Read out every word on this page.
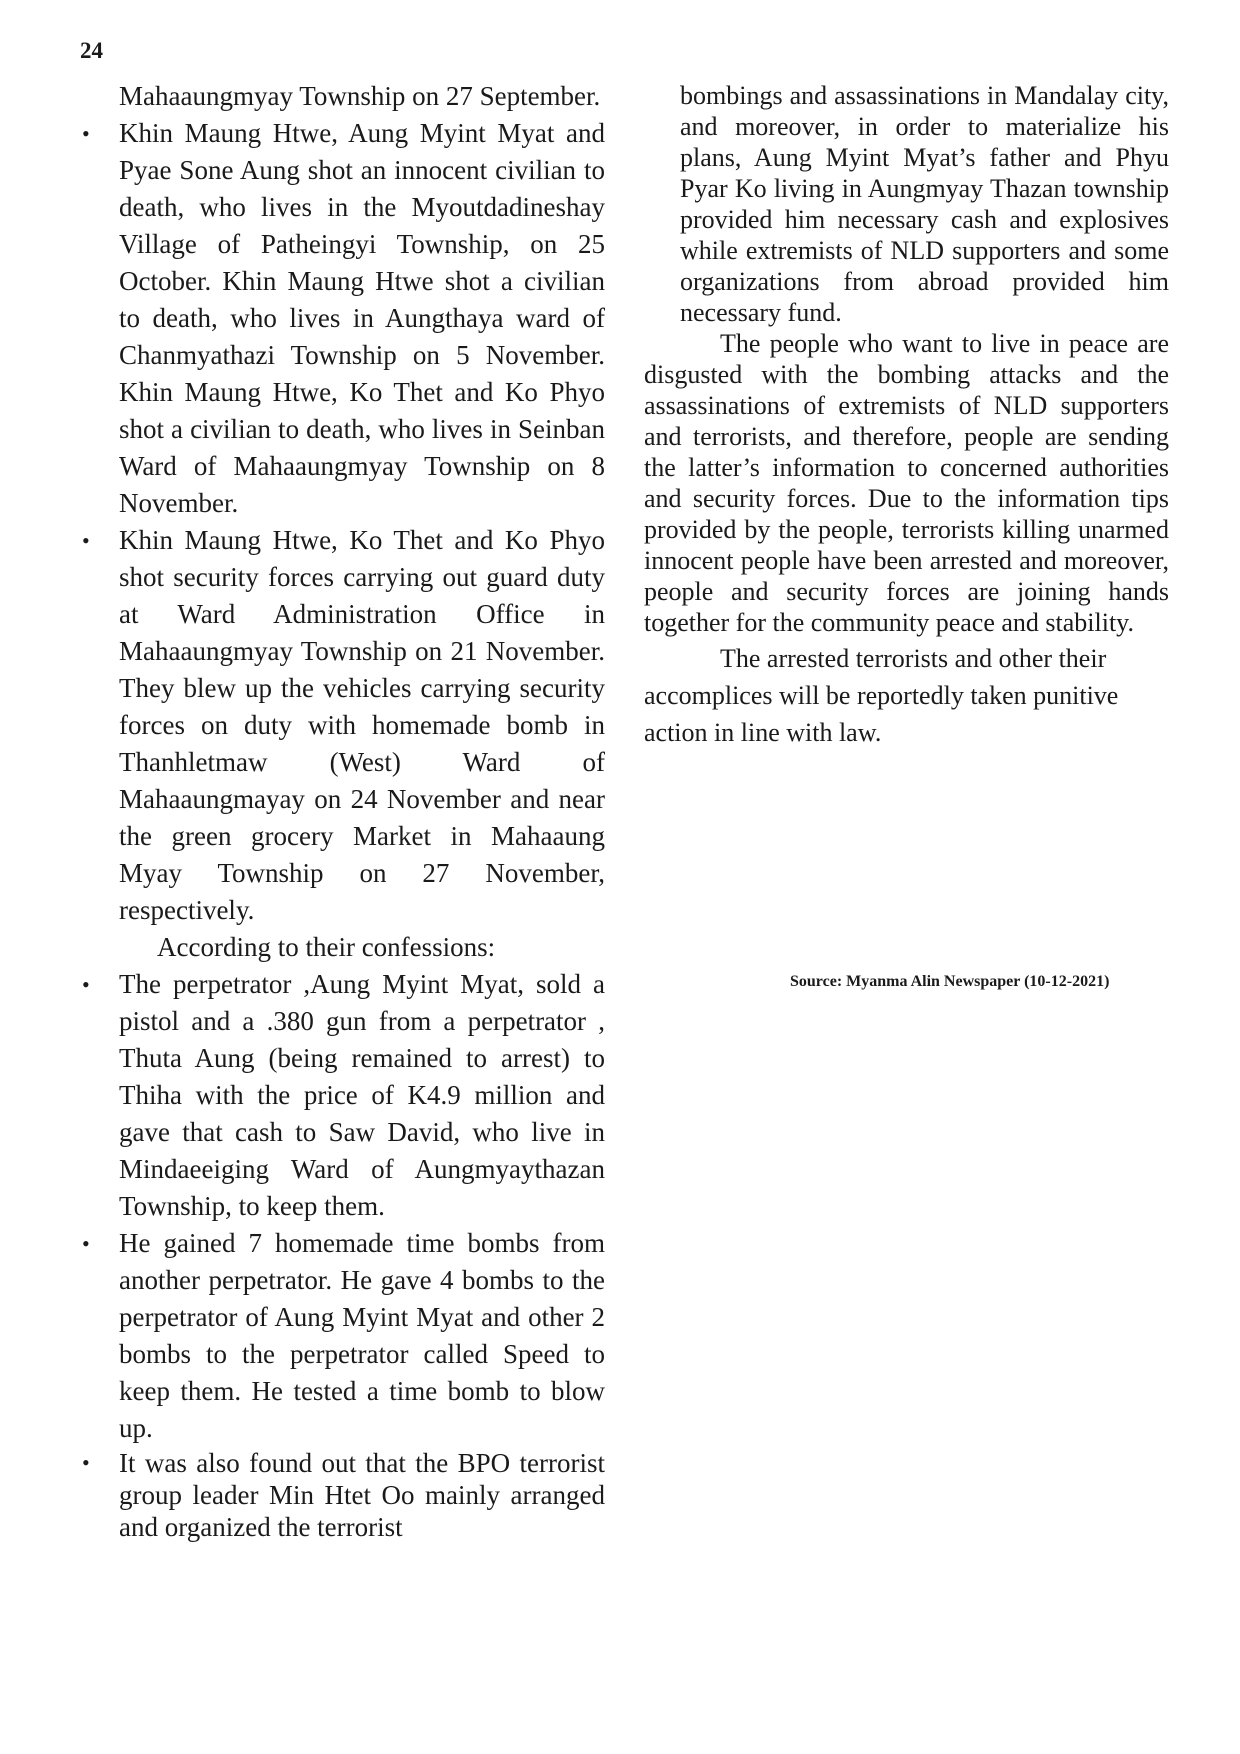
24

Mahaaungmyay Township on 27 September.

• Khin Maung Htwe, Aung Myint Myat and Pyae Sone Aung shot an innocent civilian to death, who lives in the Myoutdadineshay Village of Patheingyi Township, on 25 October. Khin Maung Htwe shot a civilian to death, who lives in Aungthaya ward of Chanmyathazi Township on 5 November. Khin Maung Htwe, Ko Thet and Ko Phyo shot a civilian to death, who lives in Seinban Ward of Mahaaungmyay Township on 8 November.
• Khin Maung Htwe, Ko Thet and Ko Phyo shot security forces carrying out guard duty at Ward Administration Office in Mahaaungmyay Township on 21 November. They blew up the vehicles carrying security forces on duty with homemade bomb in Thanhletmaw (West) Ward of Mahaaungmayay on 24 November and near the green grocery Market in Mahaaung Myay Township on 27 November, respectively.

According to their confessions:

• The perpetrator ,Aung Myint Myat, sold a pistol and a .380 gun from a perpetrator , Thuta Aung (being remained to arrest) to Thiha with the price of K4.9 million and gave that cash to Saw David, who live in Mindaeeiging Ward of Aungmyaythazan Township, to keep them.
• He gained 7 homemade time bombs from another perpetrator. He gave 4 bombs to the perpetrator of Aung Myint Myat and other 2 bombs to the perpetrator called Speed to keep them. He tested a time bomb to blow up.
• It was also found out that the BPO terrorist group leader Min Htet Oo mainly arranged and organized the terrorist

bombings and assassinations in Mandalay city, and moreover, in order to materialize his plans, Aung Myint Myat’s father and Phyu Pyar Ko living in Aungmyay Thazan township provided him necessary cash and explosives while extremists of NLD supporters and some organizations from abroad provided him necessary fund.

The people who want to live in peace are disgusted with the bombing attacks and the assassinations of extremists of NLD supporters and terrorists, and therefore, people are sending the latter’s information to concerned authorities and security forces. Due to the information tips provided by the people, terrorists killing unarmed innocent people have been arrested and moreover, people and security forces are joining hands together for the community peace and stability.

The arrested terrorists and other their accomplices will be reportedly taken punitive action in line with law.

Source: Myanma Alin Newspaper (10-12-2021)
